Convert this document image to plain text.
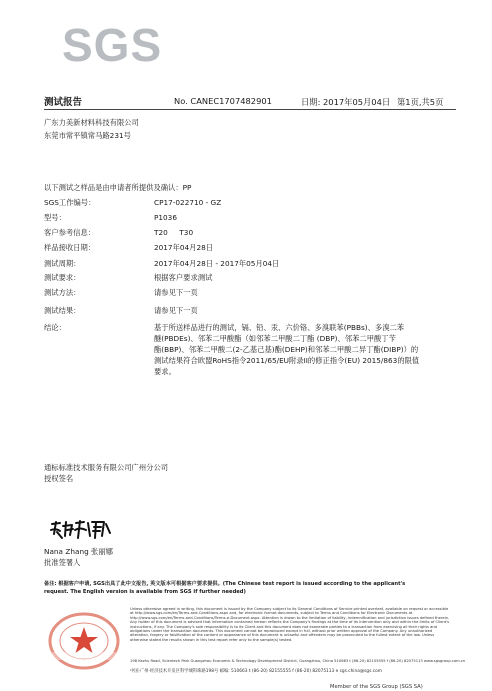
SGS
测试报告	No. CANEC1707482901	日期: 2017年05月04日 第1页,共5页
广东力美新材料科技有限公司
东莞市常平镇常马路231号
以下测试之样品是由申请者所提供及确认：PP
SGS工作编号：	CP17-022710 - GZ
型号：	P1036
客户参考信息：	T20     T30
样品接收日期：	2017年04月28日
测试周期：	2017年04月28日 - 2017年05月04日
测试要求：	根据客户要求测试
测试方法：	请参见下一页
测试结果：	请参见下一页
结论：	基于所送样品进行的测试，镉、铅、汞、六价铬、多溴联苯(PBBs)、多溴二苯
醚(PBDEs)、邻苯二甲酸酯（如邻苯二甲酸二丁酯 (DBP)、邻苯二甲酸丁苄
酯(BBP)、邻苯二甲酸二(2-乙基己基)酯(DEHP)和邻苯二甲酸二异丁酯(DIBP)）的
测试结果符合欧盟RoHS指令2011/65/EU附录II的修正指令(EU) 2015/863的限值
要求。
通标标准技术服务有限公司广州分公司
授权签名
Nana Zhang 张丽娜
批准签署人
备注: 根据客户申请, SGS出具了此中文报告, 英文版本可根据客户要求提供。(The Chinese test report is issued according to the applicant's
request. The English version is available from SGS if further needed)
Unless otherwise agreed in writing, this document is issued by the Company subject to its General Conditions of Service printed overleaf, available on request or accessible at http://www.sgs.com/en/Terms-and-Conditions.aspx and, for electronic format documents, subject to Terms and Conditions for Electronic Documents at http://www.sgs.com/en/Terms-and-Conditions/Terms-e-Document.aspx. Attention is drawn to the limitation of liability, indemnification and jurisdiction issues defined therein. Any holder of this document is advised that information contained hereon reflects the Company's findings at the time of its intervention only and within the limits of Client's instructions, if any. The Company's sole responsibility is to its Client and this document does not exonerate parties to a transaction from exercising all their rights and obligations under the transaction documents. This document cannot be reproduced except in full, without prior written approval of the Company. Any unauthorized alteration, forgery or falsification of the content or appearance of this document is unlawful and offenders may be prosecuted to the fullest extent of the law. Unless otherwise stated the results shown in this test report refer only to the sample(s) tested.
198 Kezhu Road, Scientech Park Guangzhou Economic & Technology Development District, Guangzhou, China 510663 t (86-20) 82155555 f (86-20) 82075113 www.sgsgroup.com.cn
中国·广州·经济技术开发区科学城科珠路198号 邮编: 510663 t (86-20) 82155555 f (86-20) 82075113 e sgs.china@sgs.com
Member of the SGS Group (SGS SA)
